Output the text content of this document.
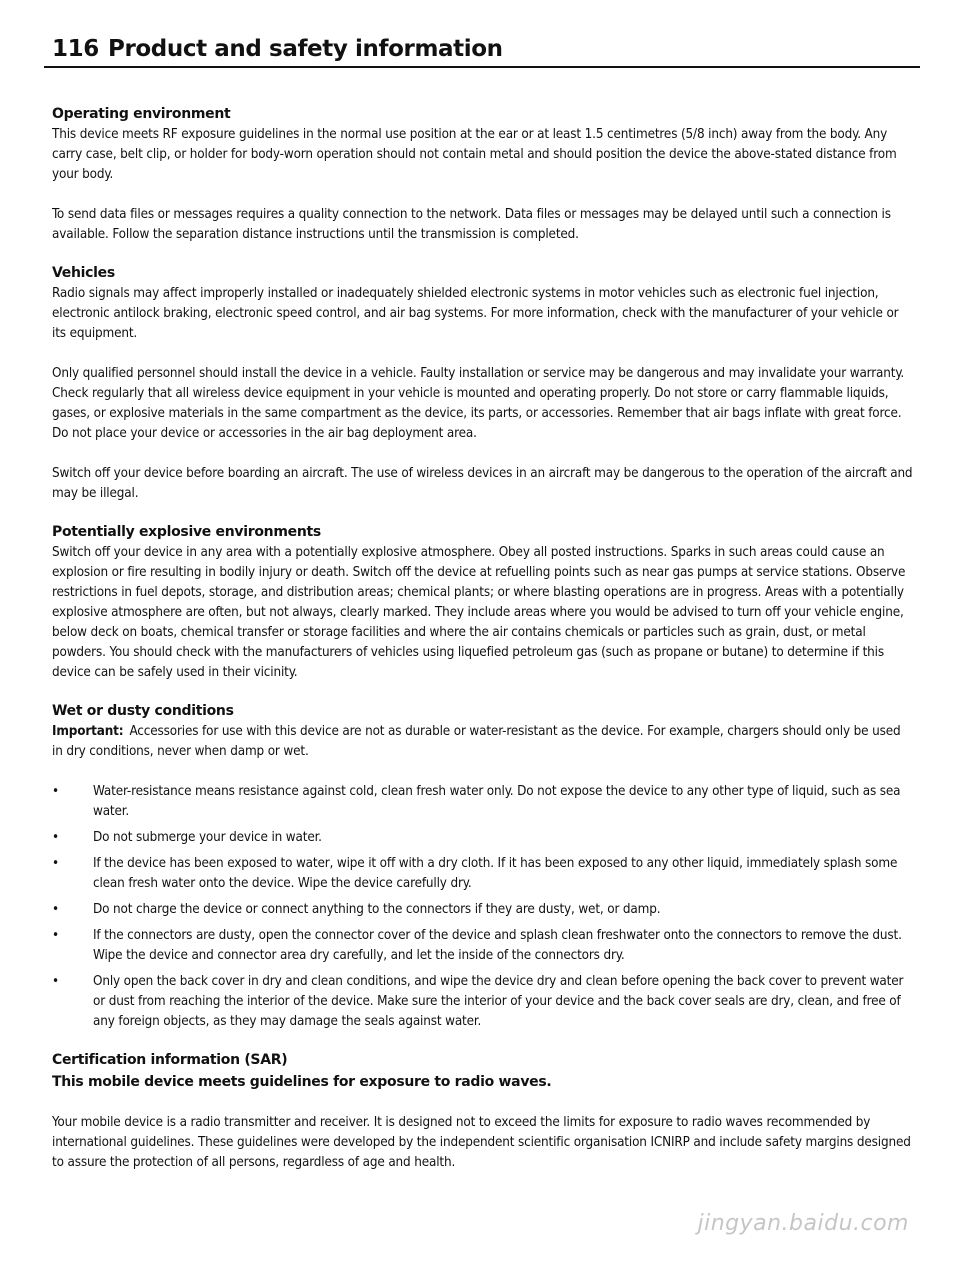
116 Product and safety information
Operating environment

This device meets RF exposure guidelines in the normal use position at the ear or at least 1.5 centimetres (5/8 inch) away from the body. Any carry case, belt clip, or holder for body-worn operation should not contain metal and should position the device the above-stated distance from your body.

To send data files or messages requires a quality connection to the network. Data files or messages may be delayed until such a connection is available. Follow the separation distance instructions until the transmission is completed.

Vehicles

Radio signals may affect improperly installed or inadequately shielded electronic systems in motor vehicles such as electronic fuel injection, electronic antilock braking, electronic speed control, and air bag systems. For more information, check with the manufacturer of your vehicle or its equipment.

Only qualified personnel should install the device in a vehicle. Faulty installation or service may be dangerous and may invalidate your warranty. Check regularly that all wireless device equipment in your vehicle is mounted and operating properly. Do not store or carry flammable liquids, gases, or explosive materials in the same compartment as the device, its parts, or accessories. Remember that air bags inflate with great force. Do not place your device or accessories in the air bag deployment area.

Switch off your device before boarding an aircraft. The use of wireless devices in an aircraft may be dangerous to the operation of the aircraft and may be illegal.

Potentially explosive environments

Switch off your device in any area with a potentially explosive atmosphere. Obey all posted instructions. Sparks in such areas could cause an explosion or fire resulting in bodily injury or death. Switch off the device at refuelling points such as near gas pumps at service stations. Observe restrictions in fuel depots, storage, and distribution areas; chemical plants; or where blasting operations are in progress. Areas with a potentially explosive atmosphere are often, but not always, clearly marked. They include areas where you would be advised to turn off your vehicle engine, below deck on boats, chemical transfer or storage facilities and where the air contains chemicals or particles such as grain, dust, or metal powders. You should check with the manufacturers of vehicles using liquefied petroleum gas (such as propane or butane) to determine if this device can be safely used in their vicinity.

Wet or dusty conditions

Important: Accessories for use with this device are not as durable or water-resistant as the device. For example, chargers should only be used in dry conditions, never when damp or wet.

•	Water-resistance means resistance against cold, clean fresh water only. Do not expose the device to any other type of liquid, such as sea water.
•	Do not submerge your device in water.
•	If the device has been exposed to water, wipe it off with a dry cloth. If it has been exposed to any other liquid, immediately splash some clean fresh water onto the device. Wipe the device carefully dry.
•	Do not charge the device or connect anything to the connectors if they are dusty, wet, or damp.
•	If the connectors are dusty, open the connector cover of the device and splash clean freshwater onto the connectors to remove the dust. Wipe the device and connector area dry carefully, and let the inside of the connectors dry.
•	Only open the back cover in dry and clean conditions, and wipe the device dry and clean before opening the back cover to prevent water or dust from reaching the interior of the device. Make sure the interior of your device and the back cover seals are dry, clean, and free of any foreign objects, as they may damage the seals against water.
Certification information (SAR)
This mobile device meets guidelines for exposure to radio waves.

Your mobile device is a radio transmitter and receiver. It is designed not to exceed the limits for exposure to radio waves recommended by international guidelines. These guidelines were developed by the independent scientific organisation ICNIRP and include safety margins designed to assure the protection of all persons, regardless of age and health.

jingyan.baidu.com
